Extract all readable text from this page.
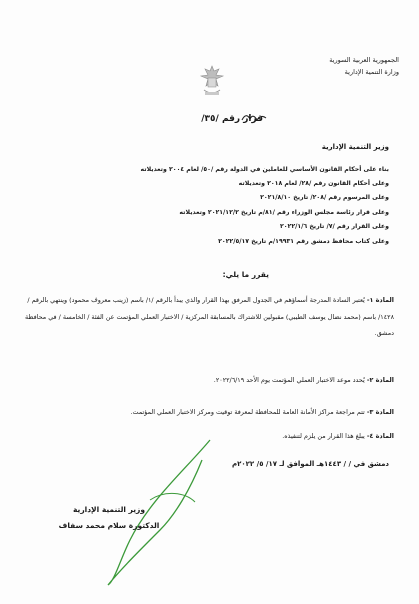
الجمهورية العربية السورية
وزارة التنمية الإدارية
قرار رقم /٣٥/
وزير التنمية الإدارية
بناء على أحكام القانون الأساسي للعاملين في الدولة رقم /٥٠/ لعام ٢٠٠٤ وتعديلاته
وعلى أحكام القانون رقم /٢٨/ لعام ٢٠١٨ وتعديلاته
وعلى المرسوم رقم /٢٠٨/ تاريخ ٢٠٢١/٨/١٠
وعلى قرار رئاسة مجلس الوزراء رقم /٨١/م تاريخ ٢٠٢١/١٢/٢ وتعديلاته
وعلى القرار رقم /٧/ تاريخ ٢٠٢٢/١/٦
وعلى كتاب محافظ دمشق رقم ١٩٩٣١/م تاريخ ٢٠٢٢/٥/١٧
يقرر ما يلي:
المادة ١- يُعتبر السادة المدرجة أسماؤهم في الجدول المرفق بهذا القرار والذي يبدأ بالرقم /١/ باسم (زينب معروف محمود) وينتهي بالرقم /١٤٢٨/ باسم (محمد نضال يوسف الطيبي) مقبولين للاشتراك بالمسابقة المركزية / الاختبار العملي المؤتمت عن الفئة / الخامسة / في محافظة دمشق.
المادة ٢- يُحدد موعد الاختبار العملي المؤتمت يوم الأحد ٢٠٢٢/٦/١٩.
المادة ٣- تتم مراجعة مراكز الأمانة العامة للمحافظة لمعرفة توقيت ومركز الاختبار العملي المؤتمت.
المادة ٤- يبلغ هذا القرار من يلزم لتنفيذه.
دمشق في / / ١٤٤٣هـ الموافق لـ ١٧/ ٥/ ٢٠٢٢م
وزير التنمية الإدارية
الدكتورة سلام محمد سفاف
